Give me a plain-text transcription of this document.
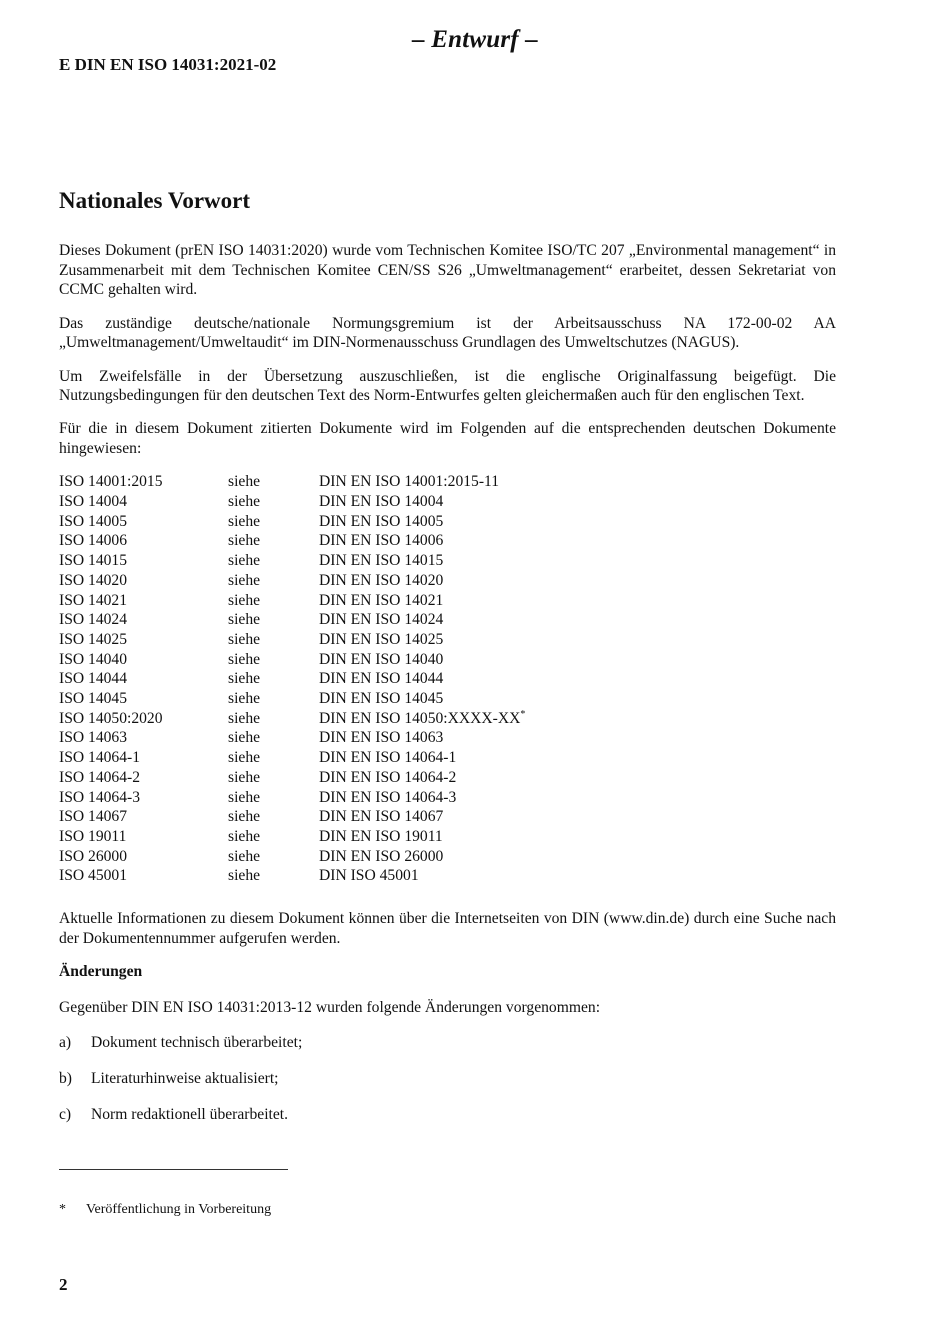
– Entwurf –
E DIN EN ISO 14031:2021-02
Nationales Vorwort

Dieses Dokument (prEN ISO 14031:2020) wurde vom Technischen Komitee ISO/TC 207 „Environmental management“ in Zusammenarbeit mit dem Technischen Komitee CEN/SS S26 „Umweltmanagement“ erarbeitet, dessen Sekretariat von CCMC gehalten wird.

Das zuständige deutsche/nationale Normungsgremium ist der Arbeitsausschuss NA 172-00-02 AA „Umweltmanagement/Umweltaudit“ im DIN-Normenausschuss Grundlagen des Umweltschutzes (NAGUS).

Um Zweifelsfälle in der Übersetzung auszuschließen, ist die englische Originalfassung beigefügt. Die Nutzungsbedingungen für den deutschen Text des Norm-Entwurfes gelten gleichermaßen auch für den englischen Text.

Für die in diesem Dokument zitierten Dokumente wird im Folgenden auf die entsprechenden deutschen Dokumente hingewiesen:

ISO 14001:2015	siehe	DIN EN ISO 14001:2015-11
ISO 14004	siehe	DIN EN ISO 14004
ISO 14005	siehe	DIN EN ISO 14005
ISO 14006	siehe	DIN EN ISO 14006
ISO 14015	siehe	DIN EN ISO 14015
ISO 14020	siehe	DIN EN ISO 14020
ISO 14021	siehe	DIN EN ISO 14021
ISO 14024	siehe	DIN EN ISO 14024
ISO 14025	siehe	DIN EN ISO 14025
ISO 14040	siehe	DIN EN ISO 14040
ISO 14044	siehe	DIN EN ISO 14044
ISO 14045	siehe	DIN EN ISO 14045
ISO 14050:2020	siehe	DIN EN ISO 14050:XXXX-XX*
ISO 14063	siehe	DIN EN ISO 14063
ISO 14064-1	siehe	DIN EN ISO 14064-1
ISO 14064-2	siehe	DIN EN ISO 14064-2
ISO 14064-3	siehe	DIN EN ISO 14064-3
ISO 14067	siehe	DIN EN ISO 14067
ISO 19011	siehe	DIN EN ISO 19011
ISO 26000	siehe	DIN EN ISO 26000
ISO 45001	siehe	DIN ISO 45001

Aktuelle Informationen zu diesem Dokument können über die Internetseiten von DIN (www.din.de) durch eine Suche nach der Dokumentennummer aufgerufen werden.

Änderungen
Gegenüber DIN EN ISO 14031:2013-12 wurden folgende Änderungen vorgenommen:
a)	Dokument technisch überarbeitet;
b)	Literaturhinweise aktualisiert;
c)	Norm redaktionell überarbeitet.
*	Veröffentlichung in Vorbereitung
2
